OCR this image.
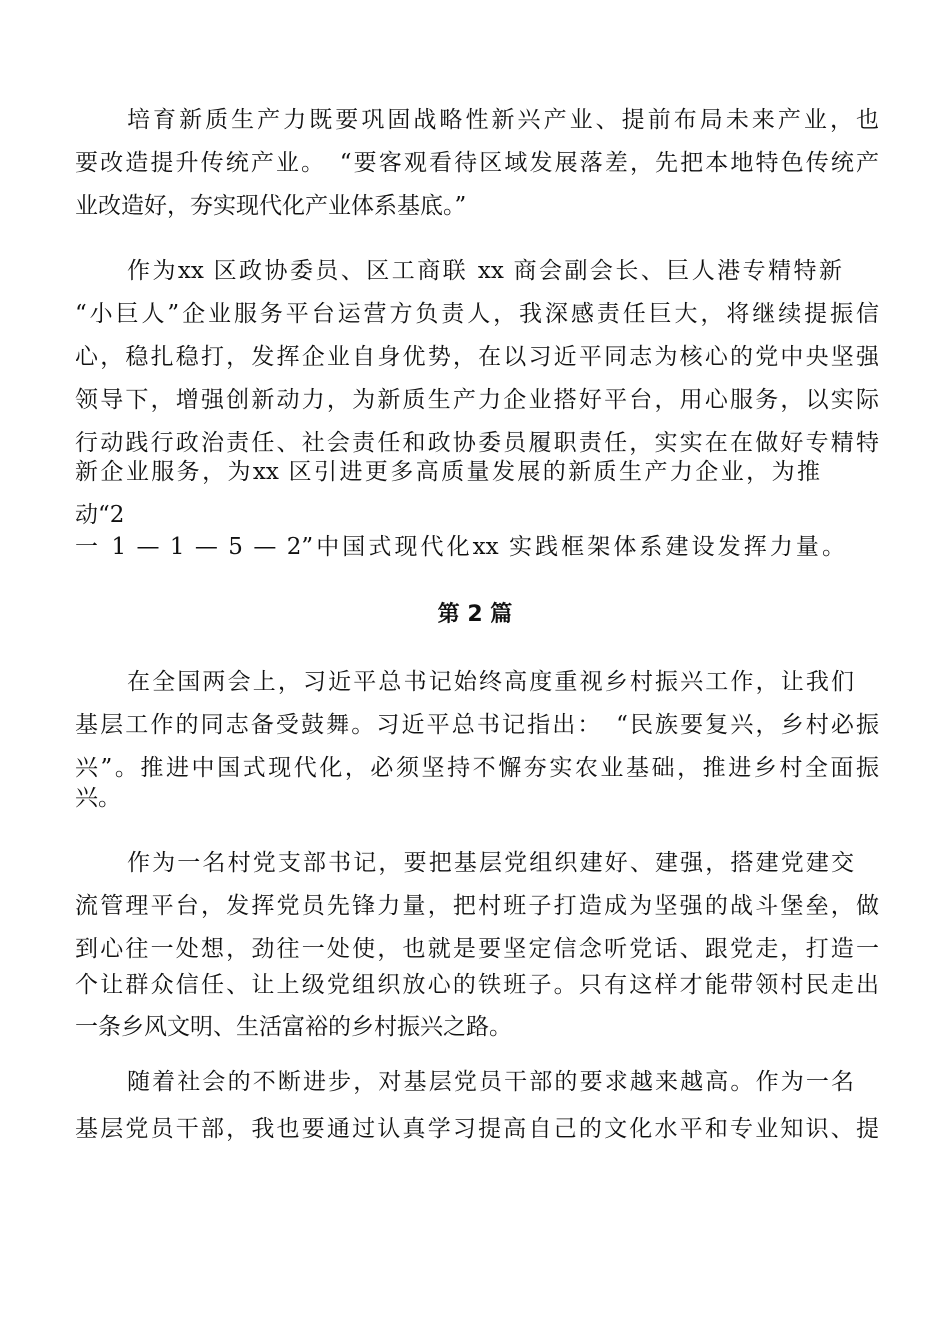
培育新质生产力既要巩固战略性新兴产业、提前布局未来产业，也
要改造提升传统产业。　“要客观看待区域发展落差，先把本地特色传统产
业改造好，夯实现代化产业体系基底。”
作为xx 区政协委员、区工商联 xx 商会副会长、巨人港专精特新
“小巨人”企业服务平台运营方负责人，我深感责任巨大，将继续提振信
心，稳扎稳打，发挥企业自身优势，在以习近平同志为核心的党中央坚强
领导下，增强创新动力，为新质生产力企业搭好平台，用心服务，以实际
行动践行政治责任、社会责任和政协委员履职责任，实实在在做好专精特
新企业服务，为xx 区引进更多高质量发展的新质生产力企业，为推
动“2
一 1 — 1 — 5 — 2”中国式现代化xx 实践框架体系建设发挥力量。
第 2 篇
在全国两会上，习近平总书记始终高度重视乡村振兴工作，让我们
基层工作的同志备受鼓舞。习近平总书记指出：　“民族要复兴，乡村必振
兴”。推进中国式现代化，必须坚持不懈夯实农业基础，推进乡村全面振
兴。
作为一名村党支部书记，要把基层党组织建好、建强，搭建党建交
流管理平台，发挥党员先锋力量，把村班子打造成为坚强的战斗堡垒，做
到心往一处想，劲往一处使，也就是要坚定信念听党话、跟党走，打造一
个让群众信任、让上级党组织放心的铁班子。只有这样才能带领村民走出
一条乡风文明、生活富裕的乡村振兴之路。
随着社会的不断进步，对基层党员干部的要求越来越高。作为一名
基层党员干部，我也要通过认真学习提高自己的文化水平和专业知识、提
